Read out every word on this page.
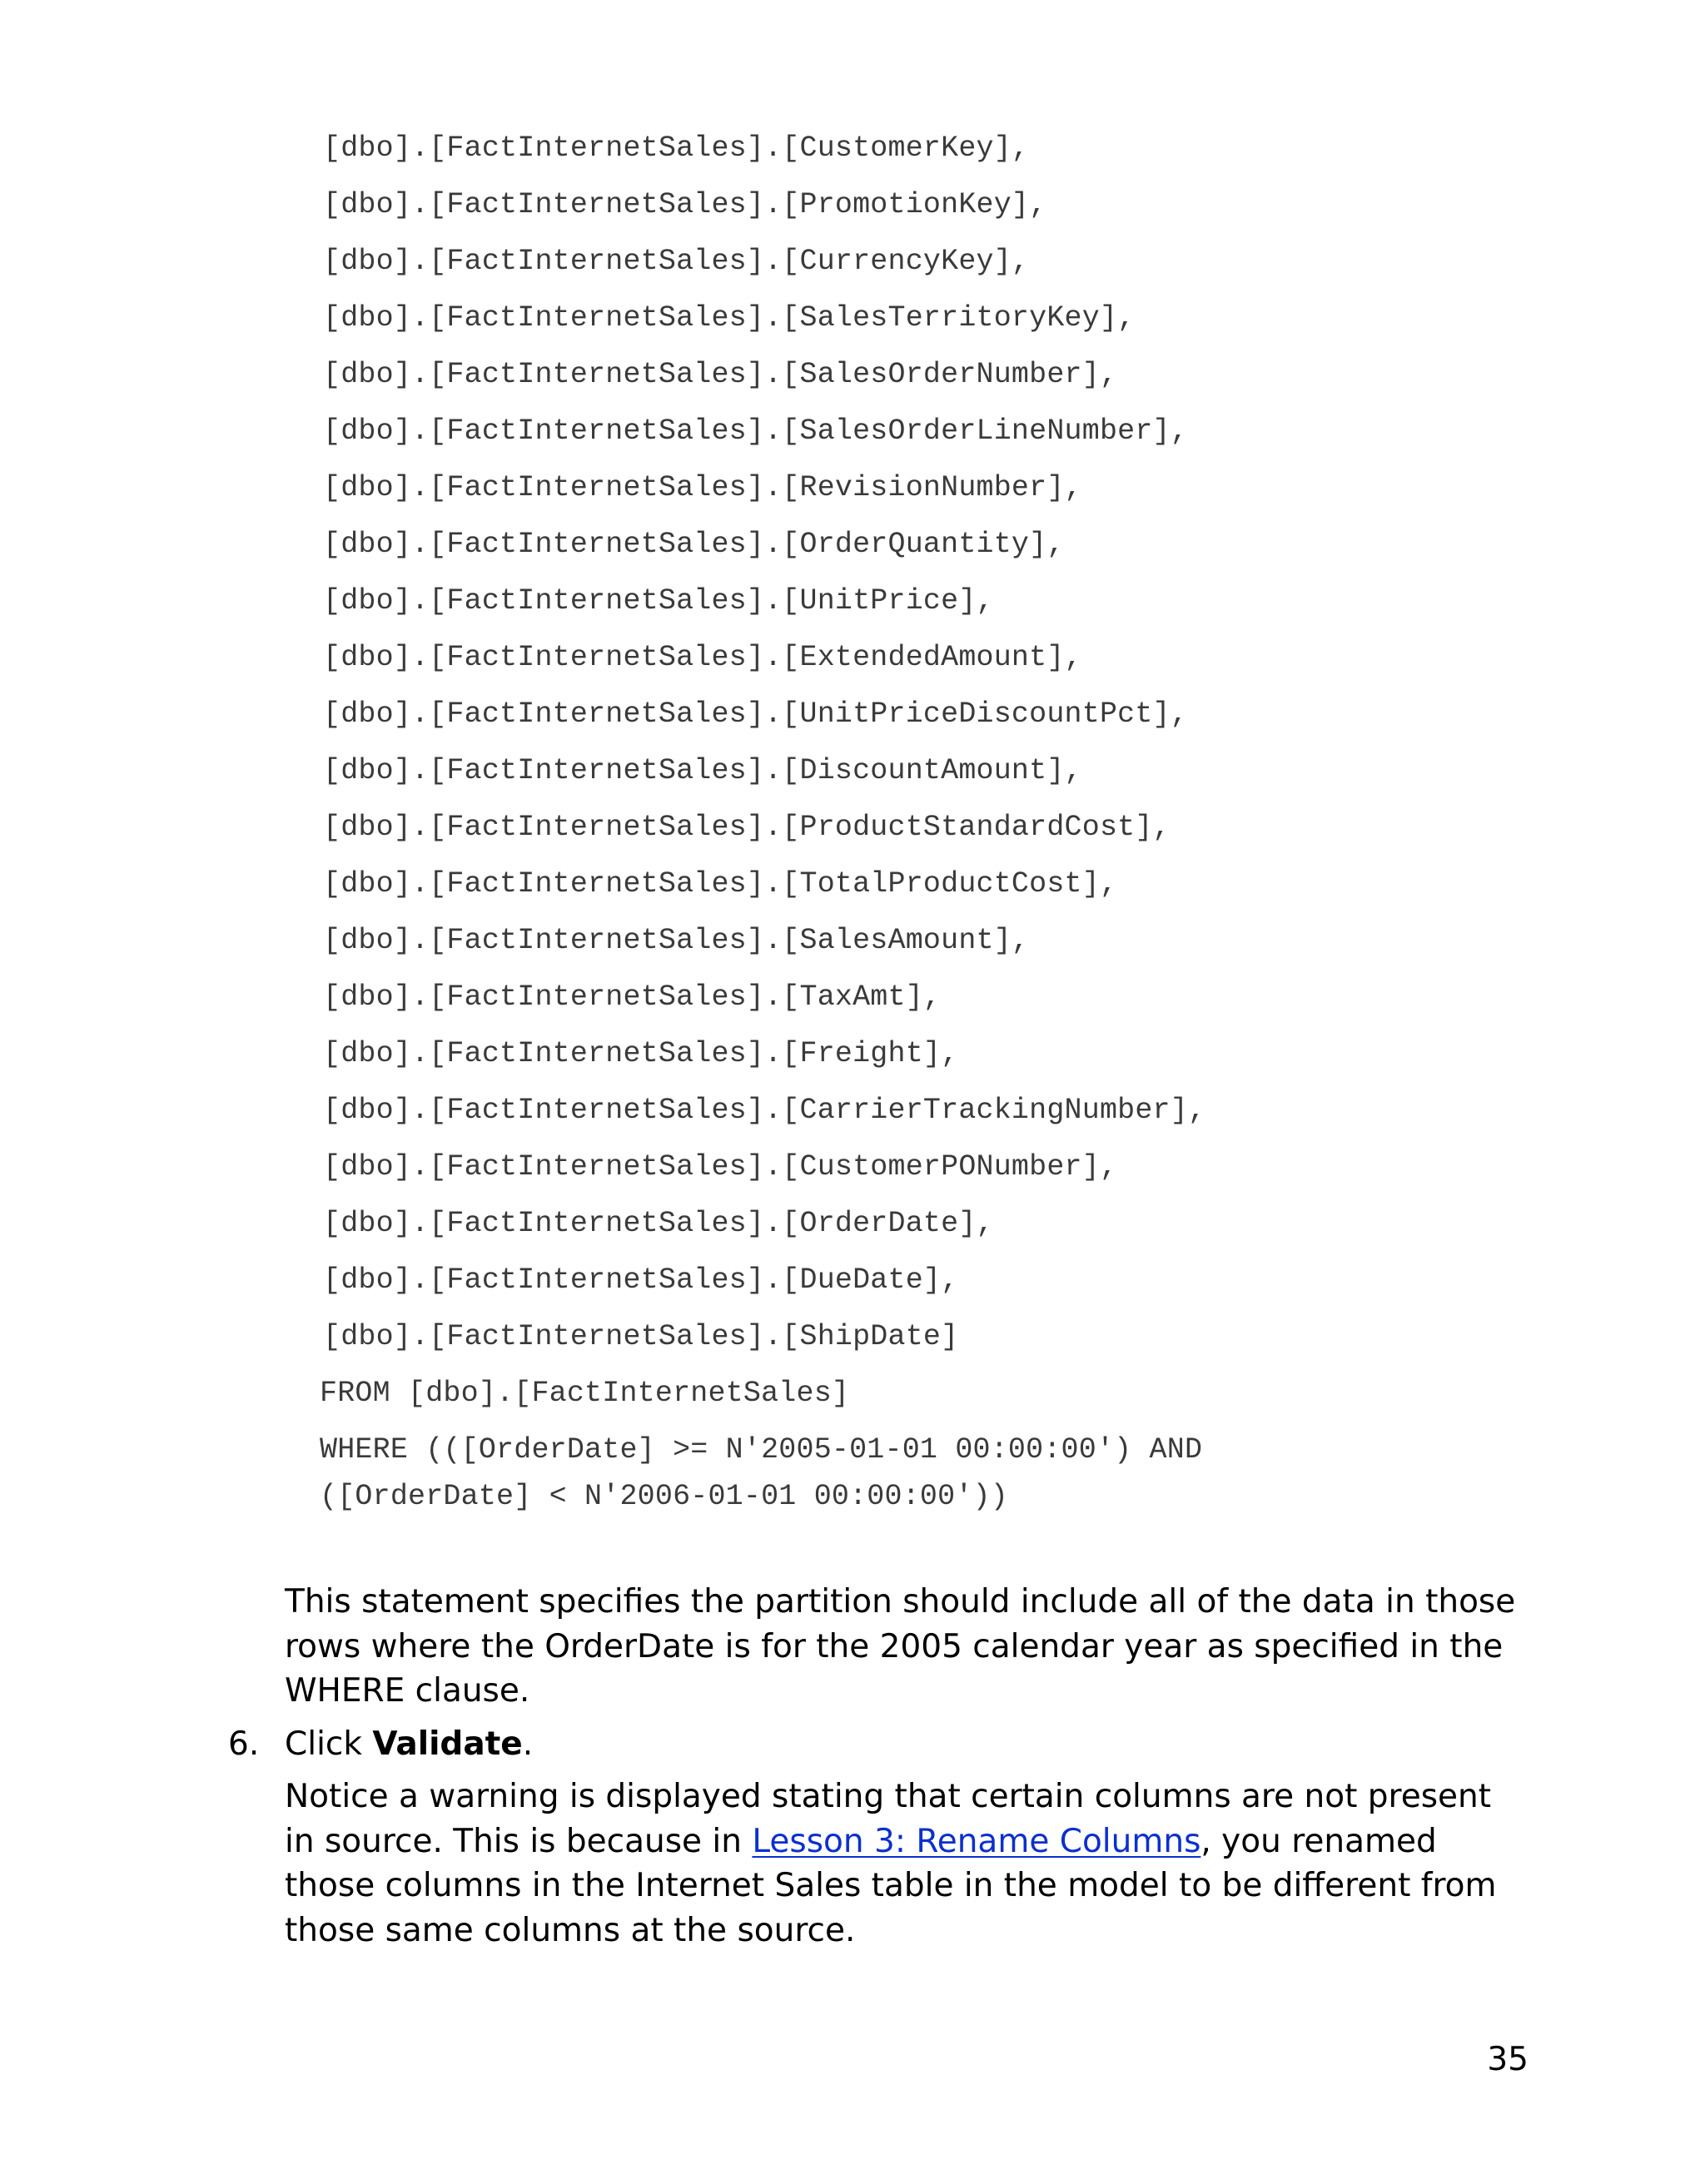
[dbo].[FactInternetSales].[CustomerKey],
[dbo].[FactInternetSales].[PromotionKey],
[dbo].[FactInternetSales].[CurrencyKey],
[dbo].[FactInternetSales].[SalesTerritoryKey],
[dbo].[FactInternetSales].[SalesOrderNumber],
[dbo].[FactInternetSales].[SalesOrderLineNumber],
[dbo].[FactInternetSales].[RevisionNumber],
[dbo].[FactInternetSales].[OrderQuantity],
[dbo].[FactInternetSales].[UnitPrice],
[dbo].[FactInternetSales].[ExtendedAmount],
[dbo].[FactInternetSales].[UnitPriceDiscountPct],
[dbo].[FactInternetSales].[DiscountAmount],
[dbo].[FactInternetSales].[ProductStandardCost],
[dbo].[FactInternetSales].[TotalProductCost],
[dbo].[FactInternetSales].[SalesAmount],
[dbo].[FactInternetSales].[TaxAmt],
[dbo].[FactInternetSales].[Freight],
[dbo].[FactInternetSales].[CarrierTrackingNumber],
[dbo].[FactInternetSales].[CustomerPONumber],
[dbo].[FactInternetSales].[OrderDate],
[dbo].[FactInternetSales].[DueDate],
[dbo].[FactInternetSales].[ShipDate]
FROM [dbo].[FactInternetSales]
WHERE (([OrderDate] >= N'2005-01-01 00:00:00') AND
([OrderDate] < N'2006-01-01 00:00:00'))

This statement specifies the partition should include all of the data in those rows where the OrderDate is for the 2005 calendar year as specified in the WHERE clause.

6. Click Validate.

Notice a warning is displayed stating that certain columns are not present in source. This is because in Lesson 3: Rename Columns, you renamed those columns in the Internet Sales table in the model to be different from those same columns at the source.

35
